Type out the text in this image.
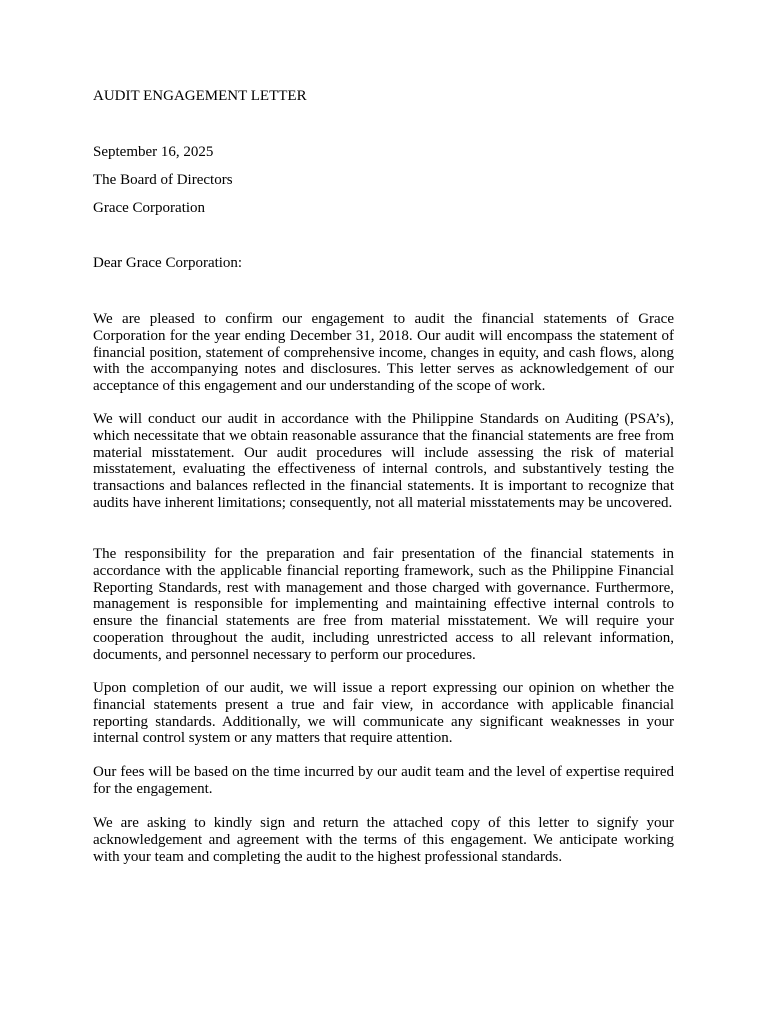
AUDIT ENGAGEMENT LETTER
September 16, 2025
The Board of Directors
Grace Corporation
Dear Grace Corporation:

We are pleased to confirm our engagement to audit the financial statements of Grace Corporation for the year ending December 31, 2018. Our audit will encompass the statement of financial position, statement of comprehensive income, changes in equity, and cash flows, along with the accompanying notes and disclosures. This letter serves as acknowledgement of our acceptance of this engagement and our understanding of the scope of work.

We will conduct our audit in accordance with the Philippine Standards on Auditing (PSA’s), which necessitate that we obtain reasonable assurance that the financial statements are free from material misstatement. Our audit procedures will include assessing the risk of material misstatement, evaluating the effectiveness of internal controls, and substantively testing the transactions and balances reflected in the financial statements. It is important to recognize that audits have inherent limitations; consequently, not all material misstatements may be uncovered.

The responsibility for the preparation and fair presentation of the financial statements in accordance with the applicable financial reporting framework, such as the Philippine Financial Reporting Standards, rest with management and those charged with governance. Furthermore, management is responsible for implementing and maintaining effective internal controls to ensure the financial statements are free from material misstatement. We will require your cooperation throughout the audit, including unrestricted access to all relevant information, documents, and personnel necessary to perform our procedures.

Upon completion of our audit, we will issue a report expressing our opinion on whether the financial statements present a true and fair view, in accordance with applicable financial reporting standards. Additionally, we will communicate any significant weaknesses in your internal control system or any matters that require attention.

Our fees will be based on the time incurred by our audit team and the level of expertise required for the engagement.

We are asking to kindly sign and return the attached copy of this letter to signify your acknowledgement and agreement with the terms of this engagement. We anticipate working with your team and completing the audit to the highest professional standards.
